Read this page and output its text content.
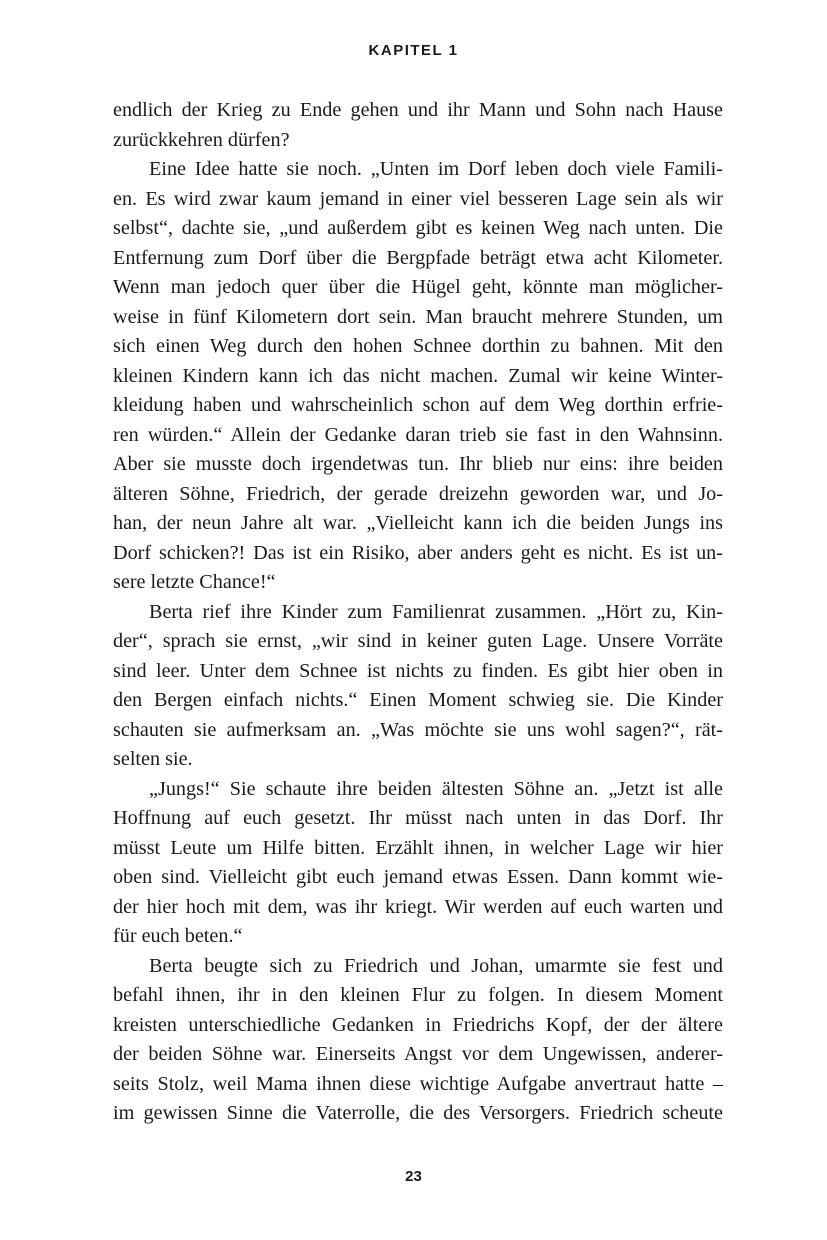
KAPITEL 1
endlich der Krieg zu Ende gehen und ihr Mann und Sohn nach Hause
zurückkehren dürfen?
Eine Idee hatte sie noch. „Unten im Dorf leben doch viele Famili-
en. Es wird zwar kaum jemand in einer viel besseren Lage sein als wir
selbst“, dachte sie, „und außerdem gibt es keinen Weg nach unten. Die
Entfernung zum Dorf über die Bergpfade beträgt etwa acht Kilometer.
Wenn man jedoch quer über die Hügel geht, könnte man möglicher-
weise in fünf Kilometern dort sein. Man braucht mehrere Stunden, um
sich einen Weg durch den hohen Schnee dorthin zu bahnen. Mit den
kleinen Kindern kann ich das nicht machen. Zumal wir keine Winter-
kleidung haben und wahrscheinlich schon auf dem Weg dorthin erfrie-
ren würden.“ Allein der Gedanke daran trieb sie fast in den Wahnsinn.
Aber sie musste doch irgendetwas tun. Ihr blieb nur eins: ihre beiden
älteren Söhne, Friedrich, der gerade dreizehn geworden war, und Jo-
han, der neun Jahre alt war. „Vielleicht kann ich die beiden Jungs ins
Dorf schicken?! Das ist ein Risiko, aber anders geht es nicht. Es ist un-
sere letzte Chance!“
Berta rief ihre Kinder zum Familienrat zusammen. „Hört zu, Kin-
der“, sprach sie ernst, „wir sind in keiner guten Lage. Unsere Vorräte
sind leer. Unter dem Schnee ist nichts zu finden. Es gibt hier oben in
den Bergen einfach nichts.“ Einen Moment schwieg sie. Die Kinder
schauten sie aufmerksam an. „Was möchte sie uns wohl sagen?“, rät-
selten sie.
„Jungs!“ Sie schaute ihre beiden ältesten Söhne an. „Jetzt ist alle
Hoffnung auf euch gesetzt. Ihr müsst nach unten in das Dorf. Ihr
müsst Leute um Hilfe bitten. Erzählt ihnen, in welcher Lage wir hier
oben sind. Vielleicht gibt euch jemand etwas Essen. Dann kommt wie-
der hier hoch mit dem, was ihr kriegt. Wir werden auf euch warten und
für euch beten.“
Berta beugte sich zu Friedrich und Johan, umarmte sie fest und
befahl ihnen, ihr in den kleinen Flur zu folgen. In diesem Moment
kreisten unterschiedliche Gedanken in Friedrichs Kopf, der der ältere
der beiden Söhne war. Einerseits Angst vor dem Ungewissen, anderer-
seits Stolz, weil Mama ihnen diese wichtige Aufgabe anvertraut hatte –
im gewissen Sinne die Vaterrolle, die des Versorgers. Friedrich scheute
23
